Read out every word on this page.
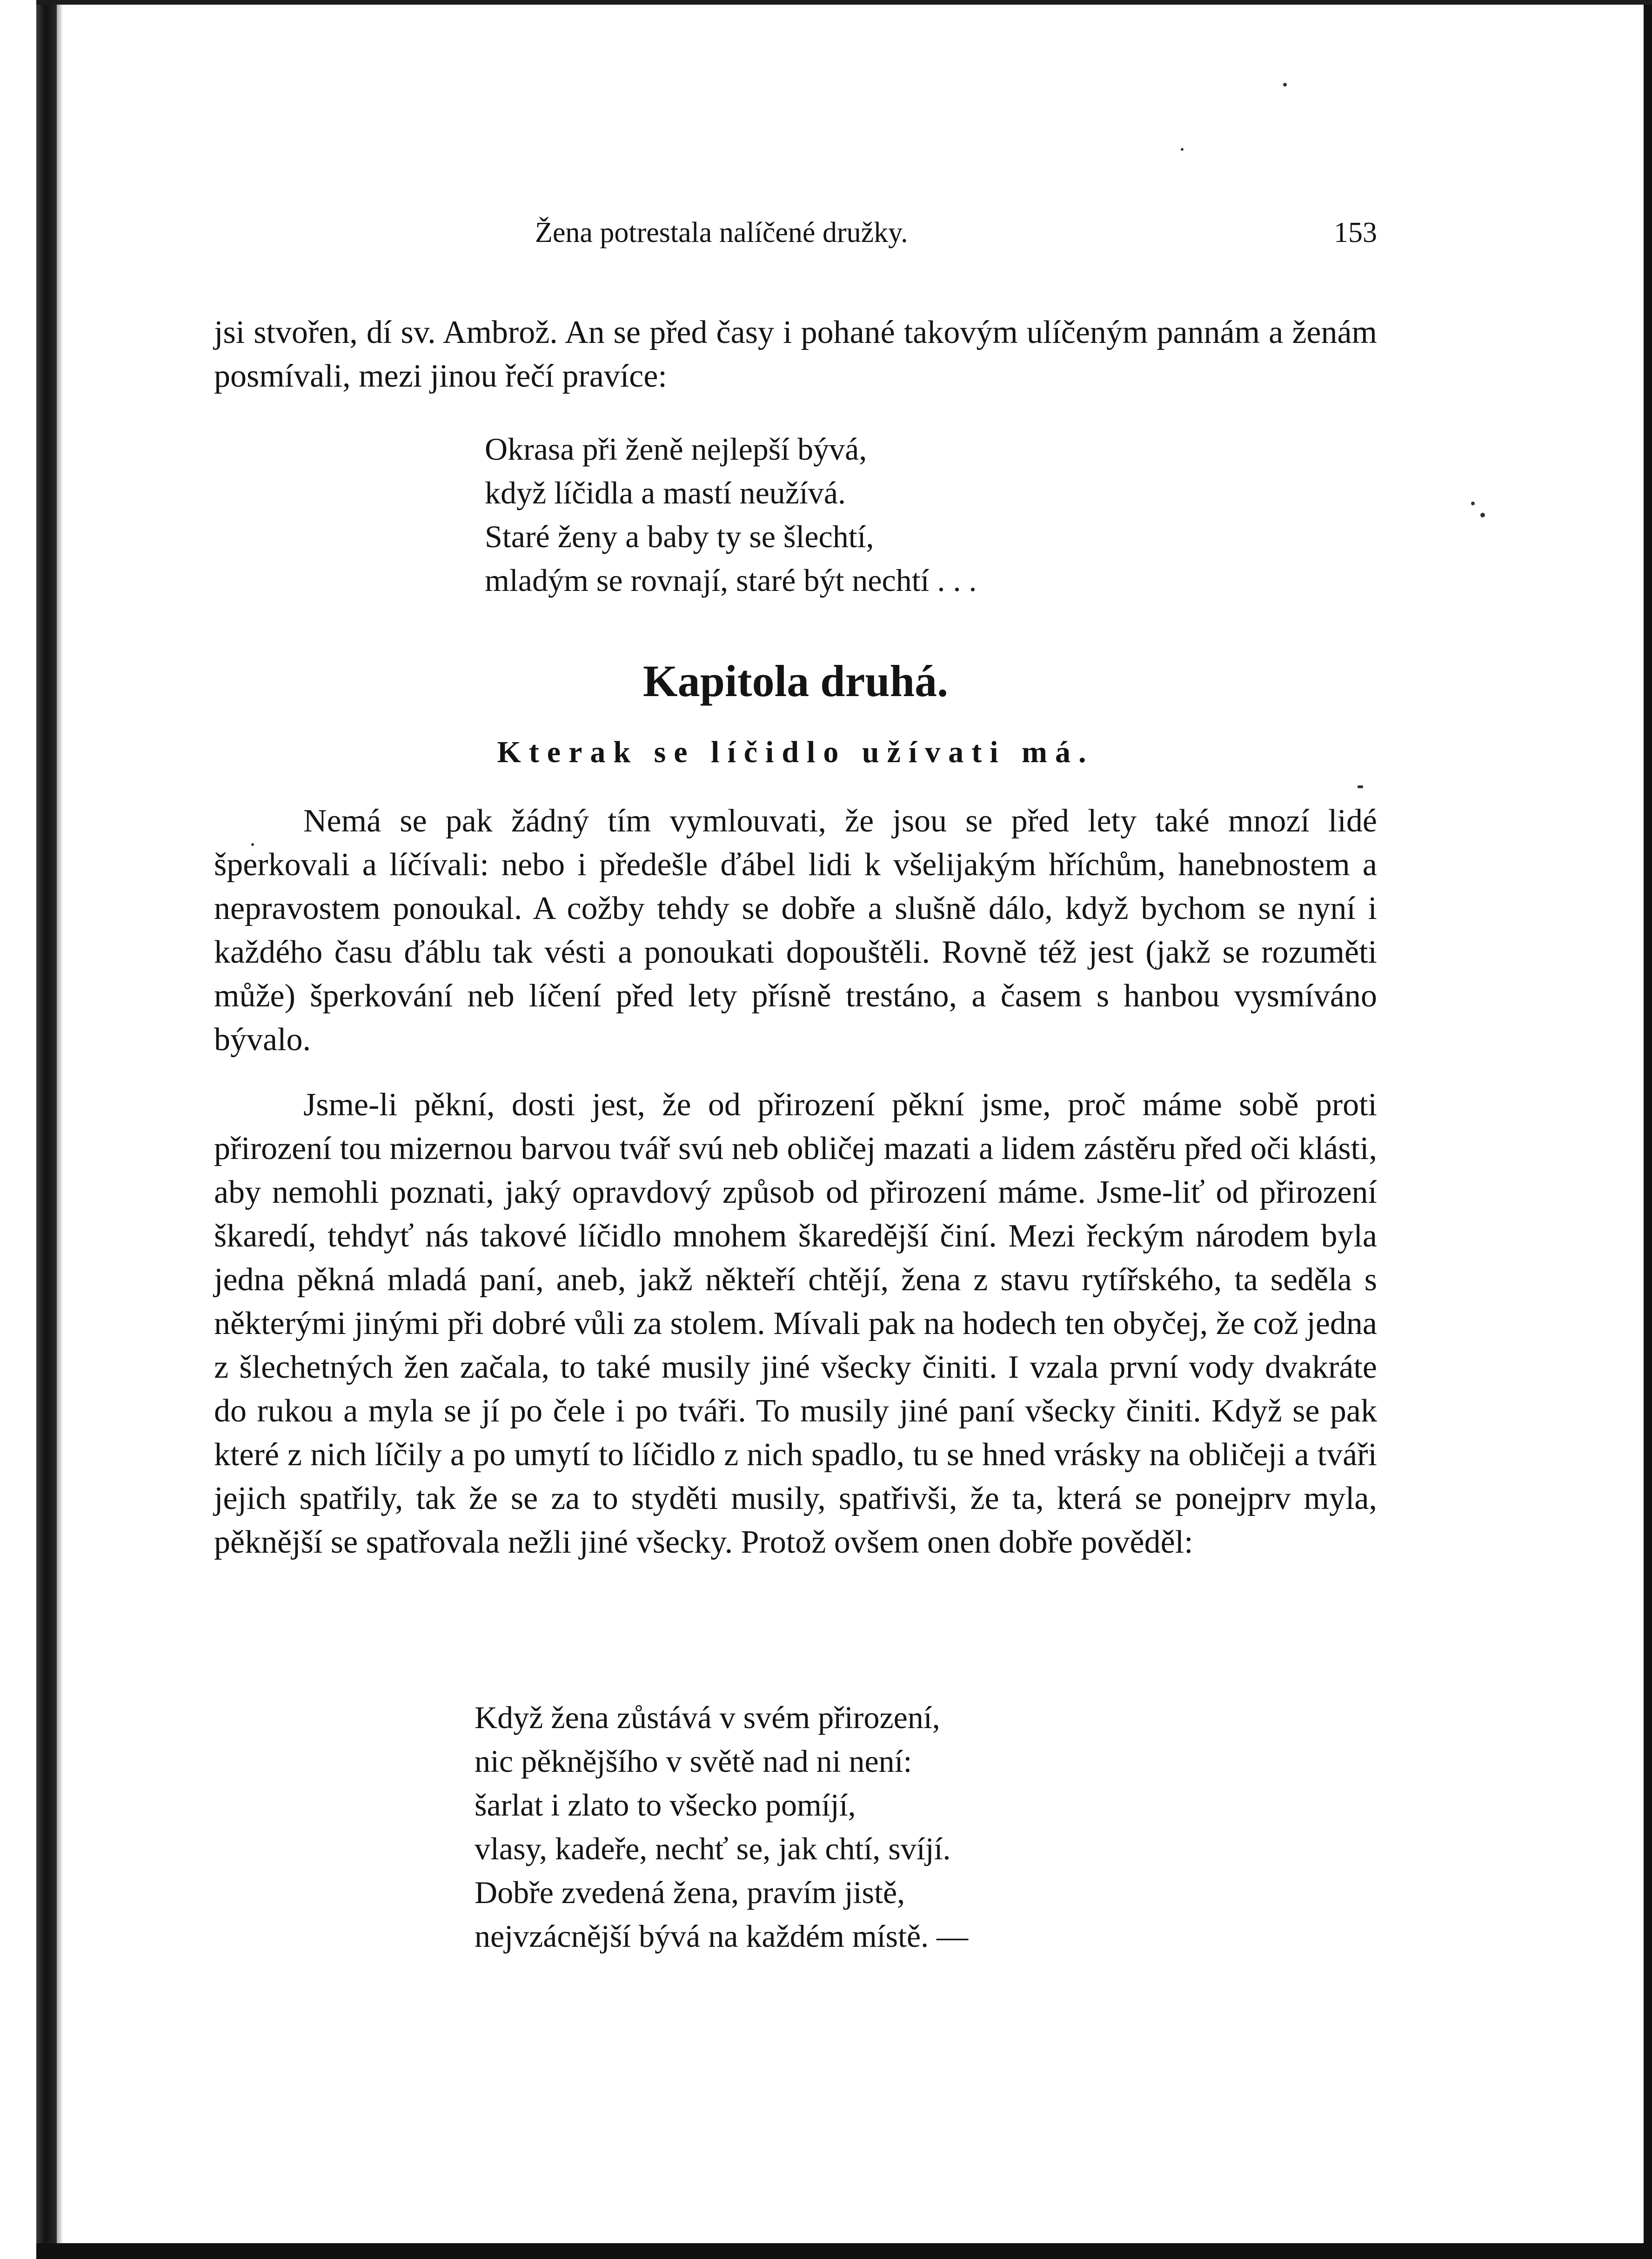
Žena potrestala nalíčené družky.	153

jsi stvořen, dí sv. Ambrož. An se před časy i pohané takovým ulíčeným pannám a ženám posmívali, mezi jinou řečí pravíce:

Okrasa při ženě nejlepší bývá,
když líčidla a mastí neužívá.
Staré ženy a baby ty se šlechtí,
mladým se rovnají, staré být nechtí . . .
Kapitola druhá.
Kterak se líčidlo užívati má.

Nemá se pak žádný tím vymlouvati, že jsou se před lety také mnozí lidé šperkovali a líčívali: nebo i předešle ďábel lidi k všelijakým hříchům, hanebnostem a nepravostem ponoukal. A cožby tehdy se dobře a slušně dálo, když bychom se nyní i každého času ďáblu tak vésti a ponoukati dopouštěli. Rovně též jest (jakž se rozuměti může) šperkování neb líčení před lety přísně trestáno, a časem s hanbou vysmíváno bývalo.

Jsme-li pěkní, dosti jest, že od přirození pěkní jsme, proč máme sobě proti přirození tou mizernou barvou tvář svú neb obličej mazati a lidem zástěru před oči klásti, aby nemohli poznati, jaký opravdový způsob od přirození máme. Jsme-liť od přirození škaredí, tehdyť nás takové líčidlo mnohem škaredější činí. Mezi řeckým národem byla jedna pěkná mladá paní, aneb, jakž někteří chtějí, žena z stavu rytířského, ta seděla s některými jinými při dobré vůli za stolem. Mívali pak na hodech ten obyčej, že což jedna z šlechetných žen začala, to také musily jiné všecky činiti. I vzala první vody dvakráte do rukou a myla se jí po čele i po tváři. To musily jiné paní všecky činiti. Když se pak které z nich líčily a po umytí to líčidlo z nich spadlo, tu se hned vrásky na obličeji a tváři jejich spatřily, tak že se za to styděti musily, spatřivši, že ta, která se ponejprv myla, pěknější se spatřovala nežli jiné všecky. Protož ovšem onen dobře pověděl:

Když žena zůstává v svém přirození,
nic pěknějšího v světě nad ni není:
šarlat i zlato to všecko pomíjí,
vlasy, kadeře, nechť se, jak chtí, svíjí.
Dobře zvedená žena, pravím jistě,
nejvzácnější bývá na každém místě. —
